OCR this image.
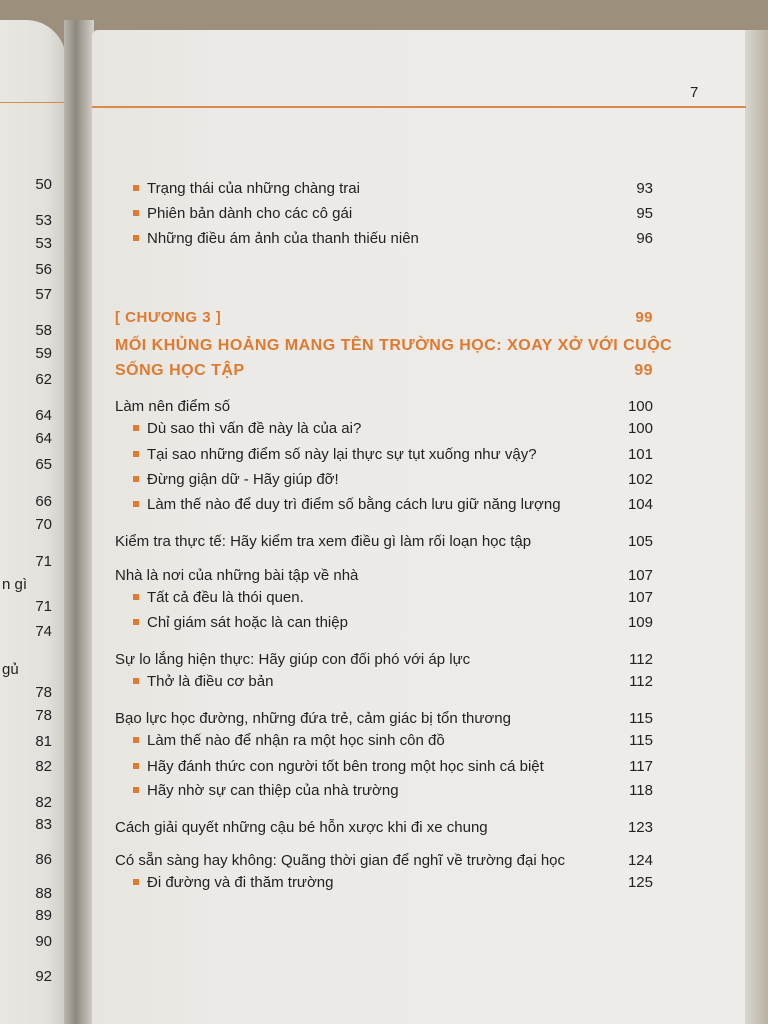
7
50
53
53
56
57
58
59
62
64
64
65
66
70
71
71
74
78
78
81
82
82
83
86
88
89
90
92
n gì
gủ
Trạng thái của những chàng trai	93
Phiên bản dành cho các cô gái	95
Những điều ám ảnh của thanh thiếu niên	96
[ CHƯƠNG 3 ]	99
MỐI KHỦNG HOẢNG MANG TÊN TRƯỜNG HỌC: XOAY XỞ VỚI CUỘC
SỐNG HỌC TẬP	99
Làm nên điểm số	100
Dù sao thì vấn đề này là của ai?	100
Tại sao những điểm số này lại thực sự tụt xuống như vậy?	101
Đừng giận dữ - Hãy giúp đỡ!	102
Làm thế nào để duy trì điểm số bằng cách lưu giữ năng lượng	104
Kiểm tra thực tế: Hãy kiểm tra xem điều gì làm rối loạn học tập	105
Nhà là nơi của những bài tập về nhà	107
Tất cả đều là thói quen.	107
Chỉ giám sát hoặc là can thiệp	109
Sự lo lắng hiện thực: Hãy giúp con đối phó với áp lực	112
Thở là điều cơ bản	112
Bạo lực học đường, những đứa trẻ, cảm giác bị tổn thương	115
Làm thế nào để nhận ra một học sinh côn đồ	115
Hãy đánh thức con người tốt bên trong một học sinh cá biệt	117
Hãy nhờ sự can thiệp của nhà trường	118
Cách giải quyết những cậu bé hỗn xược khi đi xe chung	123
Có sẵn sàng hay không: Quãng thời gian để nghĩ về trường đại học	124
Đi đường và đi thăm trường	125
